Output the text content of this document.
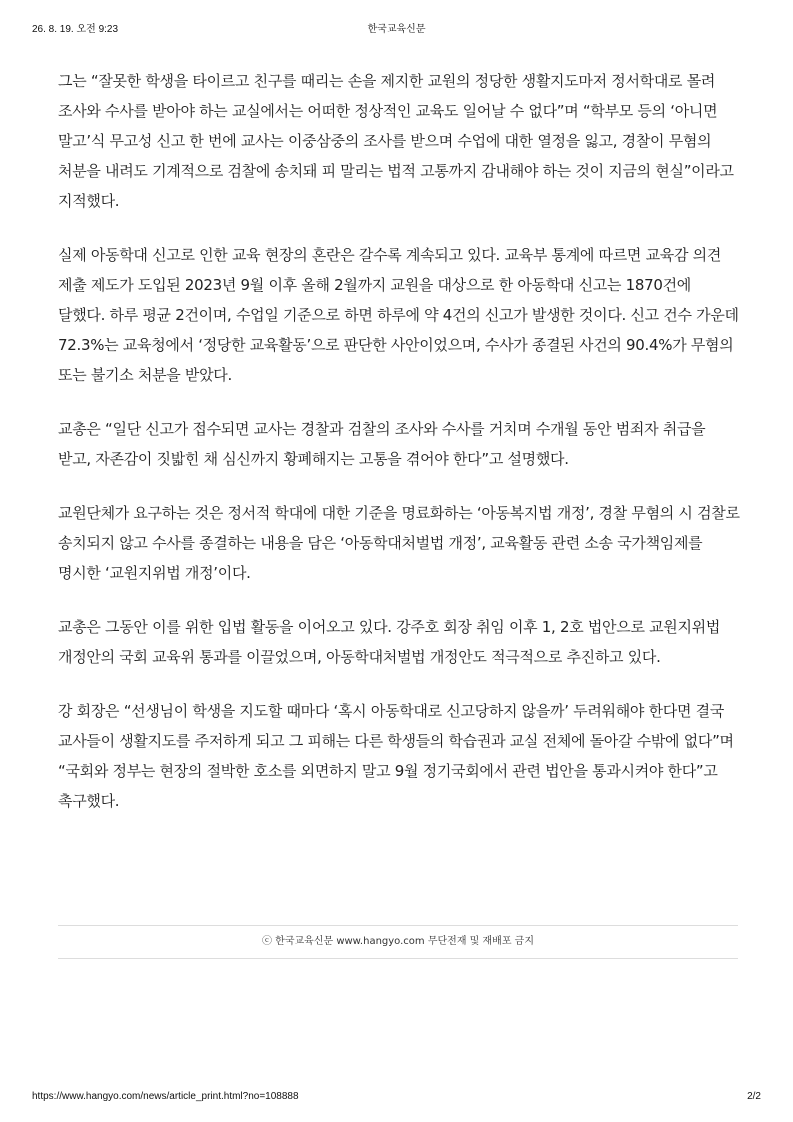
26. 8. 19. 오전 9:23	한국교육신문

그는 “잘못한 학생을 타이르고 친구를 때리는 손을 제지한 교원의 정당한 생활지도마저 정서학대로 몰려 조사와 수사를 받아야 하는 교실에서는 어떠한 정상적인 교육도 일어날 수 없다”며 “학부모 등의 ‘아니면 말고’식 무고성 신고 한 번에 교사는 이중삼중의 조사를 받으며 수업에 대한 열정을 잃고, 경찰이 무혐의 처분을 내려도 기계적으로 검찰에 송치돼 피 말리는 법적 고통까지 감내해야 하는 것이 지금의 현실”이라고 지적했다.

실제 아동학대 신고로 인한 교육 현장의 혼란은 갈수록 계속되고 있다. 교육부 통계에 따르면 교육감 의견 제출 제도가 도입된 2023년 9월 이후 올해 2월까지 교원을 대상으로 한 아동학대 신고는 1870건에 달했다. 하루 평균 2건이며, 수업일 기준으로 하면 하루에 약 4건의 신고가 발생한 것이다. 신고 건수 가운데 72.3%는 교육청에서 ‘정당한 교육활동’으로 판단한 사안이었으며, 수사가 종결된 사건의 90.4%가 무혐의 또는 불기소 처분을 받았다.

교총은 “일단 신고가 접수되면 교사는 경찰과 검찰의 조사와 수사를 거치며 수개월 동안 범죄자 취급을 받고, 자존감이 짓밟힌 채 심신까지 황폐해지는 고통을 겪어야 한다”고 설명했다.

교원단체가 요구하는 것은 정서적 학대에 대한 기준을 명료화하는 ‘아동복지법 개정’, 경찰 무혐의 시 검찰로 송치되지 않고 수사를 종결하는 내용을 담은 ‘아동학대처벌법 개정’, 교육활동 관련 소송 국가책임제를 명시한 ‘교원지위법 개정’이다.

교총은 그동안 이를 위한 입법 활동을 이어오고 있다. 강주호 회장 취임 이후 1, 2호 법안으로 교원지위법 개정안의 국회 교육위 통과를 이끌었으며, 아동학대처벌법 개정안도 적극적으로 추진하고 있다.

강 회장은 “선생님이 학생을 지도할 때마다 ‘혹시 아동학대로 신고당하지 않을까’ 두려워해야 한다면 결국 교사들이 생활지도를 주저하게 되고 그 피해는 다른 학생들의 학습권과 교실 전체에 돌아갈 수밖에 없다”며 “국회와 정부는 현장의 절박한 호소를 외면하지 말고 9월 정기국회에서 관련 법안을 통과시켜야 한다”고 촉구했다.

ⓒ 한국교육신문 www.hangyo.com 무단전재 및 재배포 금지
https://www.hangyo.com/news/article_print.html?no=108888	2/2
